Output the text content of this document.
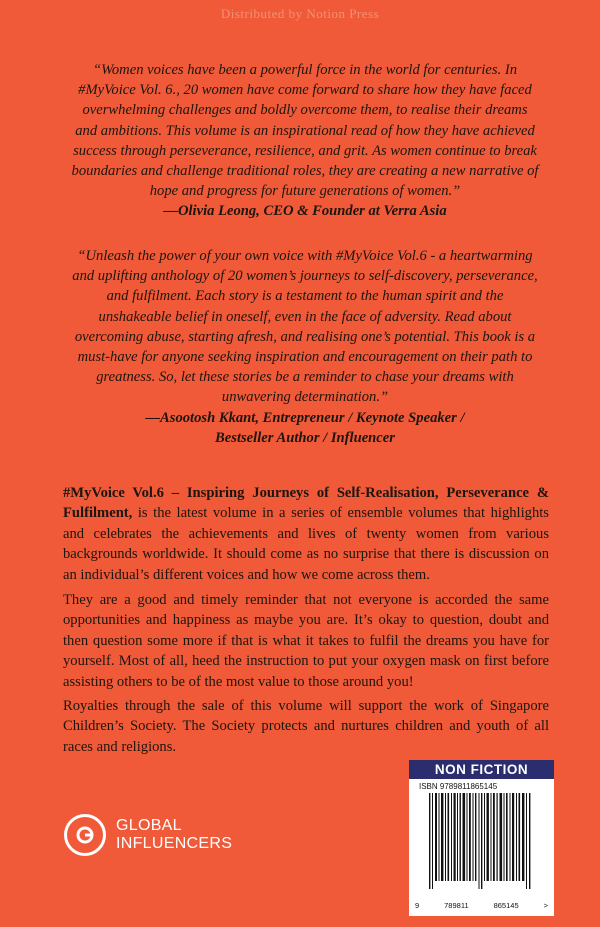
Distributed by Notion Press
“Women voices have been a powerful force in the world for centuries. In #MyVoice Vol. 6., 20 women have come forward to share how they have faced overwhelming challenges and boldly overcome them, to realise their dreams and ambitions. This volume is an inspirational read of how they have achieved success through perseverance, resilience, and grit. As women continue to break boundaries and challenge traditional roles, they are creating a new narrative of hope and progress for future generations of women.”
—Olivia Leong, CEO & Founder at Verra Asia
“Unleash the power of your own voice with #MyVoice Vol.6 - a heartwarming and uplifting anthology of 20 women’s journeys to self-discovery, perseverance, and fulfilment. Each story is a testament to the human spirit and the unshakeable belief in oneself, even in the face of adversity. Read about overcoming abuse, starting afresh, and realising one’s potential. This book is a must-have for anyone seeking inspiration and encouragement on their path to greatness. So, let these stories be a reminder to chase your dreams with unwavering determination.”
—Asootosh Kkant, Entrepreneur / Keynote Speaker /
Bestseller Author / Influencer
#MyVoice Vol.6 – Inspiring Journeys of Self-Realisation, Perseverance & Fulfilment, is the latest volume in a series of ensemble volumes that highlights and celebrates the achievements and lives of twenty women from various backgrounds worldwide. It should come as no surprise that there is discussion on an individual’s different voices and how we come across them.
They are a good and timely reminder that not everyone is accorded the same opportunities and happiness as maybe you are. It’s okay to question, doubt and then question some more if that is what it takes to fulfil the dreams you have for yourself. Most of all, heed the instruction to put your oxygen mask on first before assisting others to be of the most value to those around you!
Royalties through the sale of this volume will support the work of Singapore Children’s Society. The Society protects and nurtures children and youth of all races and religions.
GLOBAL
INFLUENCERS
NON FICTION
ISBN 9789811865145
9	789811	865145	>
